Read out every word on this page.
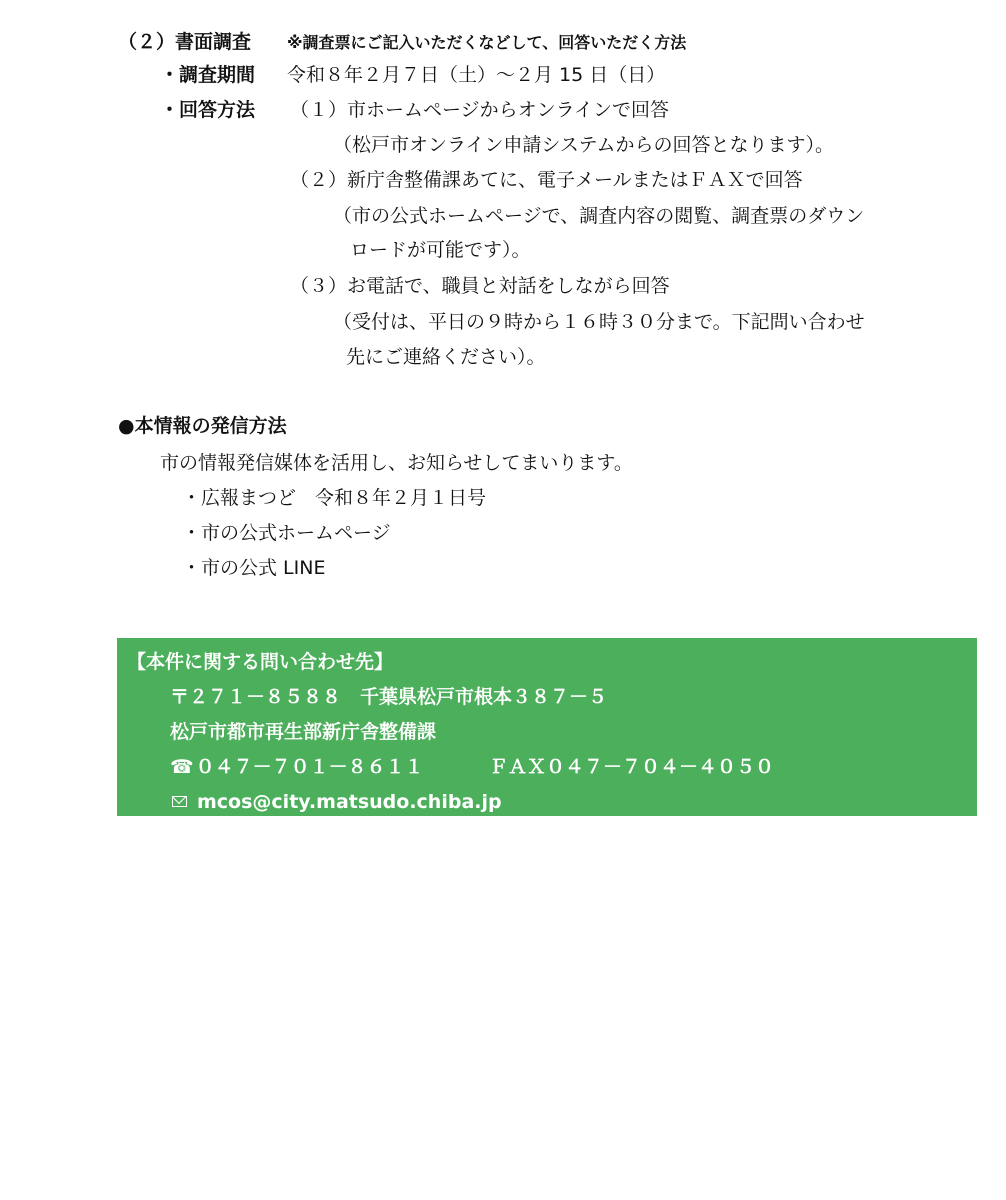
（２）書面調査 ※調査票にご記入いただくなどして、回答いただく方法
・調査期間 令和８年２月７日（土）～２月 15 日（日）
・回答方法 （１）市ホームページからオンラインで回答
（松戸市オンライン申請システムからの回答となります）。
（２）新庁舎整備課あてに、電子メールまたはＦＡＸで回答
（市の公式ホームページで、調査内容の閲覧、調査票のダウン
ロードが可能です）。
（３）お電話で、職員と対話をしながら回答
（受付は、平日の９時から１６時３０分まで。下記問い合わせ
先にご連絡ください）。
●本情報の発信方法
市の情報発信媒体を活用し、お知らせしてまいります。
・広報まつど　令和８年２月１日号
・市の公式ホームページ
・市の公式 LINE
【本件に関する問い合わせ先】
〒２７１－８５８８　千葉県松戸市根本３８７－５
松戸市都市再生部新庁舎整備課
☎ ０４７－７０１－８６１１	ＦＡＸ０４７－７０４－４０５０
mcos@city.matsudo.chiba.jp
